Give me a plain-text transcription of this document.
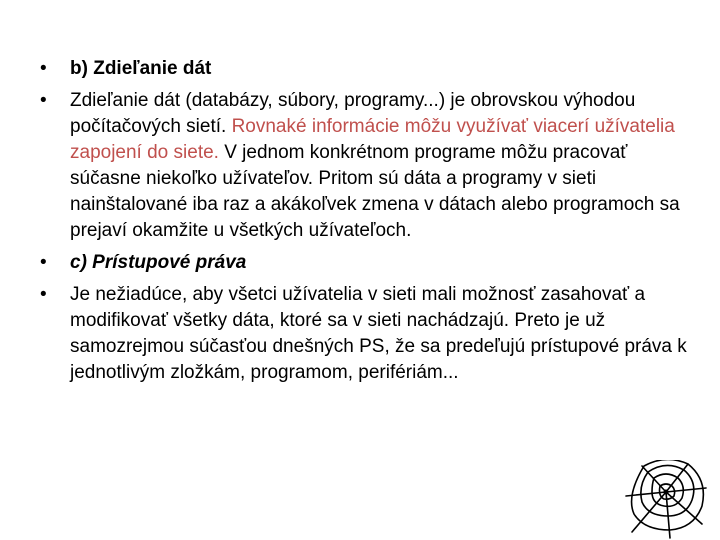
•	b) Zdieľanie dát
•	Zdieľanie dát (databázy, súbory, programy...) je obrovskou výhodou počítačových sietí. Rovnaké informácie môžu využívať viacerí užívatelia zapojení do siete. V jednom konkrétnom programe môžu pracovať súčasne niekoľko užívateľov. Pritom sú dáta a programy v sieti nainštalované iba raz a akákoľvek zmena v dátach alebo programoch sa prejaví okamžite u všetkých užívateľoch.
•	c) Prístupové práva
•	Je nežiadúce, aby všetci užívatelia v sieti mali možnosť zasahovať a modifikovať všetky dáta, ktoré sa v sieti nachádzajú. Preto je už samozrejmou súčasťou dnešných PS, že sa predeľujú prístupové práva k jednotlivým zložkám, programom, perifériám...
